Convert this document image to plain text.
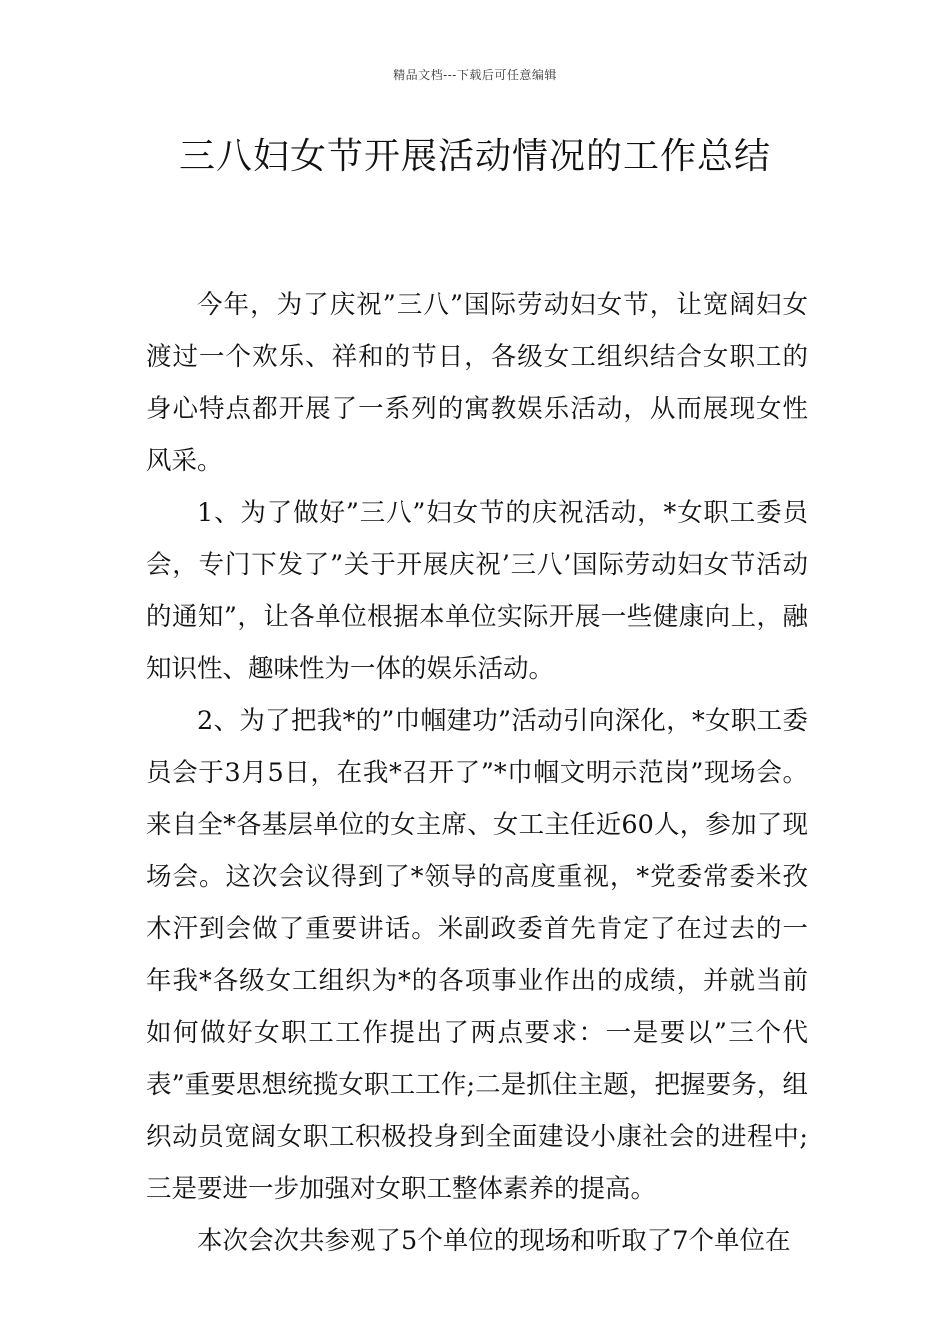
精品文档---下载后可任意编辑
三八妇女节开展活动情况的工作总结

今年，为了庆祝”三八”国际劳动妇女节，让宽阔妇女渡过一个欢乐、祥和的节日，各级女工组织结合女职工的身心特点都开展了一系列的寓教娱乐活动，从而展现女性风采。

1、为了做好”三八”妇女节的庆祝活动，*女职工委员会，专门下发了”关于开展庆祝’三八’国际劳动妇女节活动的通知”，让各单位根据本单位实际开展一些健康向上，融知识性、趣味性为一体的娱乐活动。

2、为了把我*的”巾帼建功”活动引向深化，*女职工委员会于3月5日，在我*召开了”*巾帼文明示范岗”现场会。来自全*各基层单位的女主席、女工主任近60人，参加了现场会。这次会议得到了*领导的高度重视，*党委常委米孜木汗到会做了重要讲话。米副政委首先肯定了在过去的一年我*各级女工组织为*的各项事业作出的成绩，并就当前如何做好女职工工作提出了两点要求：一是要以”三个代表”重要思想统揽女职工工作;二是抓住主题，把握要务，组织动员宽阔女职工积极投身到全面建设小康社会的进程中;三是要进一步加强对女职工整体素养的提高。

本次会次共参观了5个单位的现场和听取了7个单位在
